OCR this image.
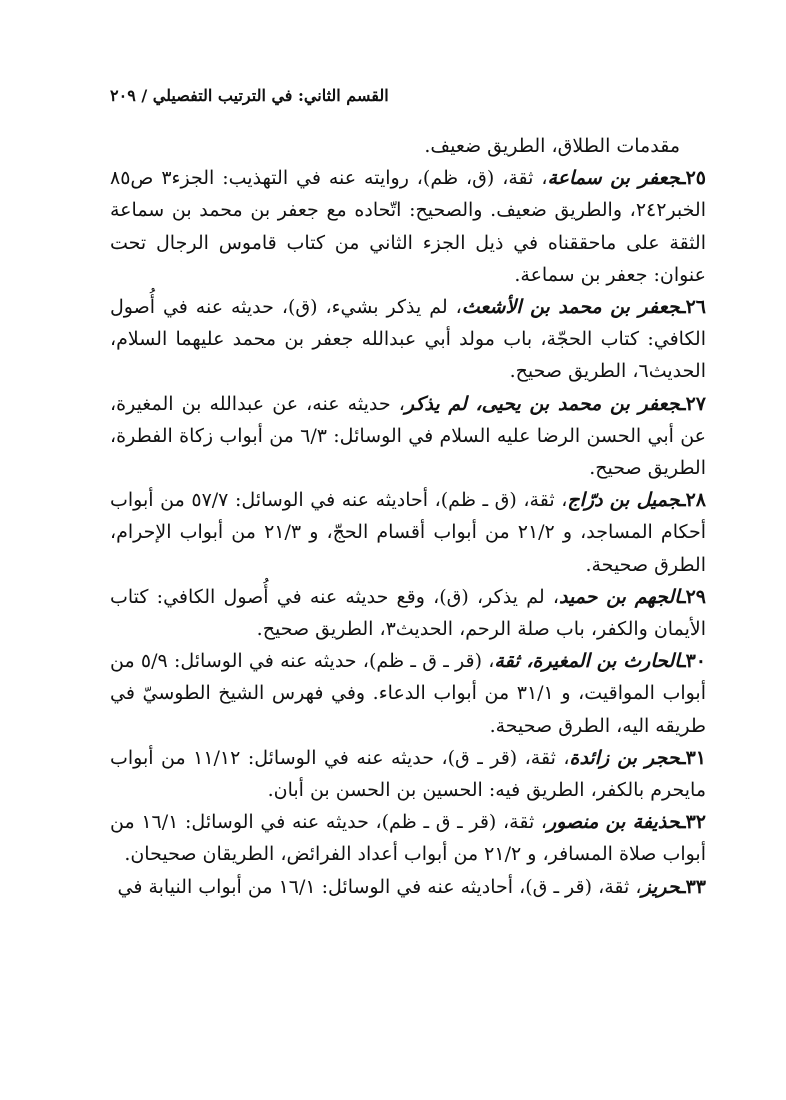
القسم الثاني: في الترتيب التفصيلي / ٢٠٩

مقدمات الطلاق، الطريق ضعيف.

٢٥ـجعفر بن سماعة، ثقة، (ق، ظم)، روايته عنه في التهذيب: الجزء٣ ص٨٥ الخبر٢٤٢، والطريق ضعيف. والصحيح: اتّحاده مع جعفر بن محمد بن سماعة الثقة على ماحققناه في ذيل الجزء الثاني من كتاب قاموس الرجال تحت عنوان: جعفر بن سماعة.

٢٦ـجعفر بن محمد بن الأشعث، لم يذكر بشيء، (ق)، حديثه عنه في أُصول الكافي: كتاب الحجّة، باب مولد أبي عبدالله جعفر بن محمد عليهما السلام، الحديث٦، الطريق صحيح.

٢٧ـجعفر بن محمد بن يحيى، لم يذكر، حديثه عنه، عن عبدالله بن المغيرة، عن أبي الحسن الرضا عليه السلام في الوسائل: ٦/٣ من أبواب زكاة الفطرة، الطريق صحيح.

٢٨ـجميل بن درّاج، ثقة، (ق ـ ظم)، أحاديثه عنه في الوسائل: ٥٧/٧ من أبواب أحكام المساجد، و ٢١/٢ من أبواب أقسام الحجّ، و ٢١/٣ من أبواب الإحرام، الطرق صحيحة.

٢٩ـالجهم بن حميد، لم يذكر، (ق)، وقع حديثه عنه في أُصول الكافي: كتاب الأيمان والكفر، باب صلة الرحم، الحديث٣، الطريق صحيح.

٣٠ـالحارث بن المغيرة، ثقة، (قر ـ ق ـ ظم)، حديثه عنه في الوسائل: ٥/٩ من أبواب المواقيت، و ٣١/١ من أبواب الدعاء. وفي فهرس الشيخ الطوسيّ في طريقه اليه، الطرق صحيحة.

٣١ـحجر بن زائدة، ثقة، (قر ـ ق)، حديثه عنه في الوسائل: ١١/١٢ من أبواب مايحرم بالكفر، الطريق فيه: الحسين بن الحسن بن أبان.

٣٢ـحذيفة بن منصور، ثقة، (قر ـ ق ـ ظم)، حديثه عنه في الوسائل: ١٦/١ من أبواب صلاة المسافر، و ٢١/٢ من أبواب أعداد الفرائض، الطريقان صحيحان.

٣٣ـحريز، ثقة، (قر ـ ق)، أحاديثه عنه في الوسائل: ١٦/١ من أبواب النيابة في
